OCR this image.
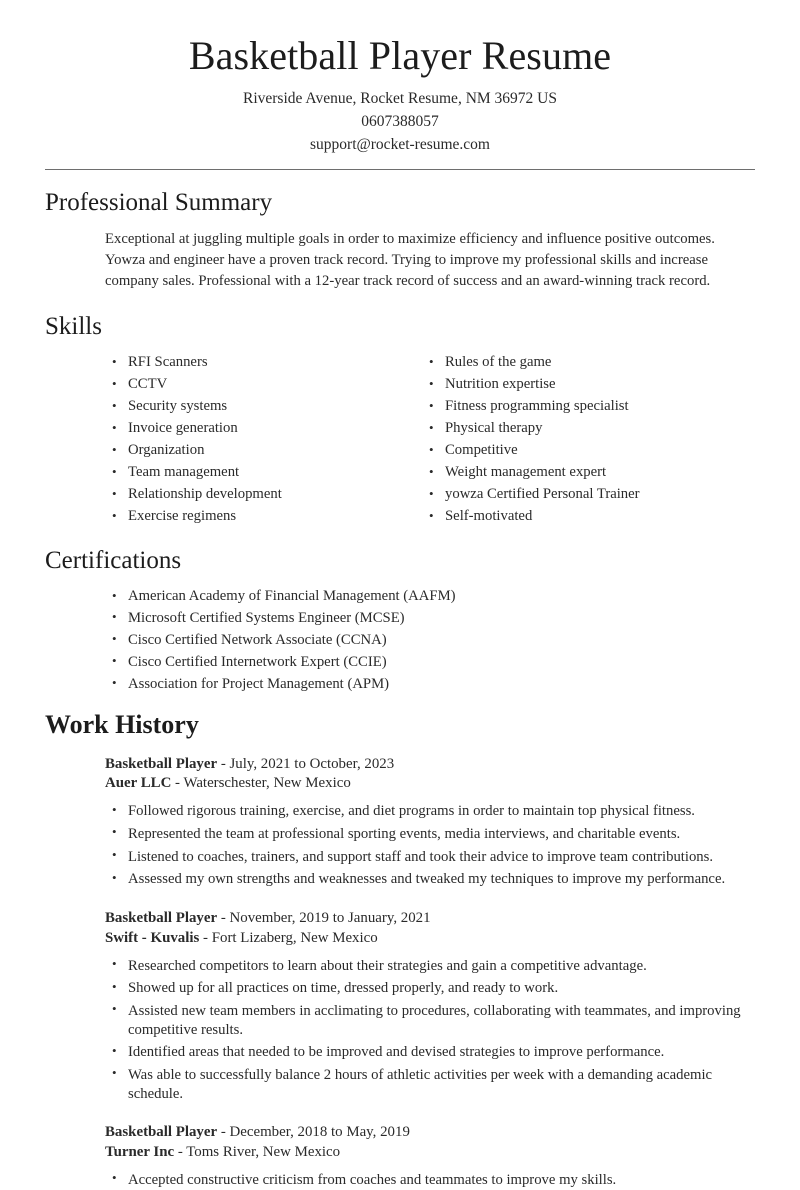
Basketball Player Resume
Riverside Avenue, Rocket Resume, NM 36972 US
0607388057
support@rocket-resume.com
Professional Summary

Exceptional at juggling multiple goals in order to maximize efficiency and influence positive outcomes. Yowza and engineer have a proven track record. Trying to improve my professional skills and increase company sales. Professional with a 12-year track record of success and an award-winning track record.

Skills
• RFI Scanners
• CCTV
• Security systems
• Invoice generation
• Organization
• Team management
• Relationship development
• Exercise regimens
• Rules of the game
• Nutrition expertise
• Fitness programming specialist
• Physical therapy
• Competitive
• Weight management expert
• yowza Certified Personal Trainer
• Self-motivated
Certifications
• American Academy of Financial Management (AAFM)
• Microsoft Certified Systems Engineer (MCSE)
• Cisco Certified Network Associate (CCNA)
• Cisco Certified Internetwork Expert (CCIE)
• Association for Project Management (APM)
Work History
Basketball Player - July, 2021 to October, 2023
Auer LLC - Waterschester, New Mexico
• Followed rigorous training, exercise, and diet programs in order to maintain top physical fitness.
• Represented the team at professional sporting events, media interviews, and charitable events.
• Listened to coaches, trainers, and support staff and took their advice to improve team contributions.
• Assessed my own strengths and weaknesses and tweaked my techniques to improve my performance.
Basketball Player - November, 2019 to January, 2021
Swift - Kuvalis - Fort Lizaberg, New Mexico
• Researched competitors to learn about their strategies and gain a competitive advantage.
• Showed up for all practices on time, dressed properly, and ready to work.
• Assisted new team members in acclimating to procedures, collaborating with teammates, and improving competitive results.
• Identified areas that needed to be improved and devised strategies to improve performance.
• Was able to successfully balance 2 hours of athletic activities per week with a demanding academic schedule.
Basketball Player - December, 2018 to May, 2019
Turner Inc - Toms River, New Mexico
• Accepted constructive criticism from coaches and teammates to improve my skills.
